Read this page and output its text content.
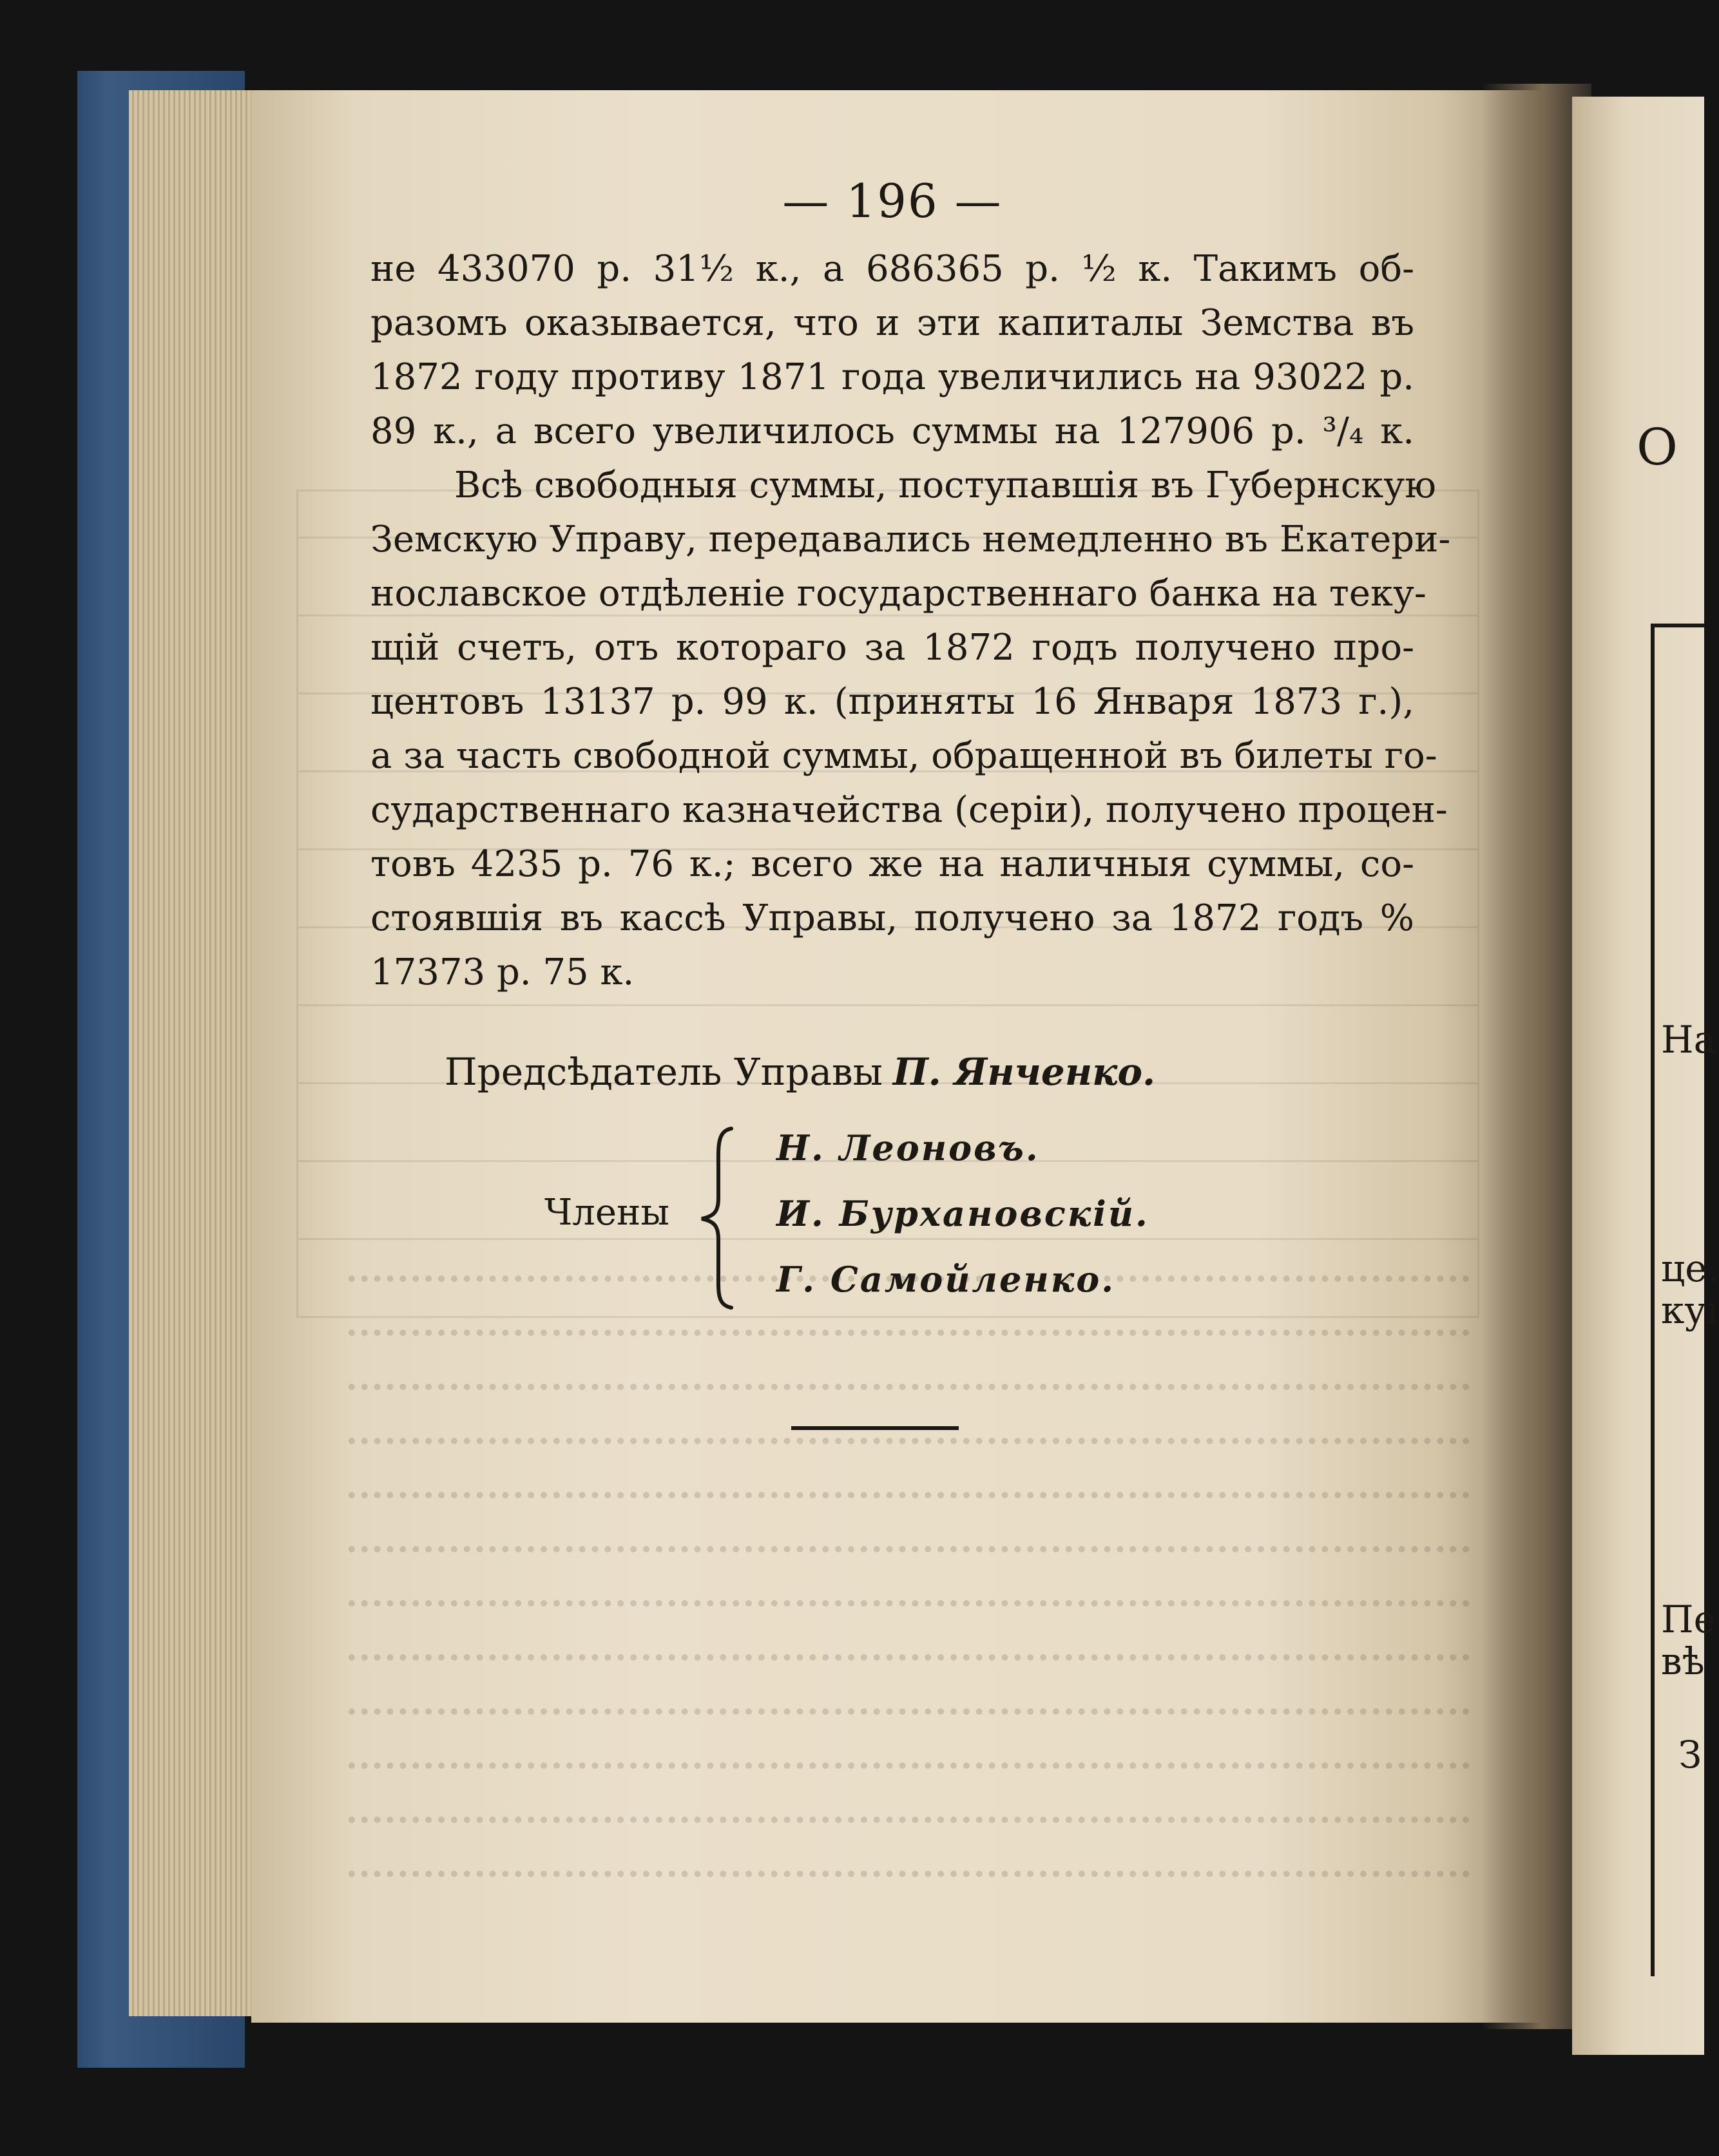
О
На
це.
куı
Пе
вѣ
З
— 196 —
не 433070 р. 31½ к., а 686365 р. ½ к. Такимъ об-
разомъ оказывается, что и эти капиталы Земства въ
1872 году противу 1871 года увеличились на 93022 р.
89 к., а всего увеличилось суммы на 127906 р. ³/₄ к.
Всѣ свободныя суммы, поступавшія въ Губернскую
Земскую Управу, передавались немедленно въ Екатери-
нославское отдѣленіе государственнаго банка на теку-
щій счетъ, отъ котораго за 1872 годъ получено про-
центовъ 13137 р. 99 к. (приняты 16 Января 1873 г.),
а за часть свободной суммы, обращенной въ билеты го-
сударственнаго казначейства (серіи), получено процен-
товъ 4235 р. 76 к.; всего же на наличныя суммы, со-
стоявшія въ кассѣ Управы, получено за 1872 годъ %
17373 р. 75 к.
Предсѣдатель Управы П. Янченко.
Члены
Н. Леоновъ.
И. Бурхановскій.
Г. Самойленко.
